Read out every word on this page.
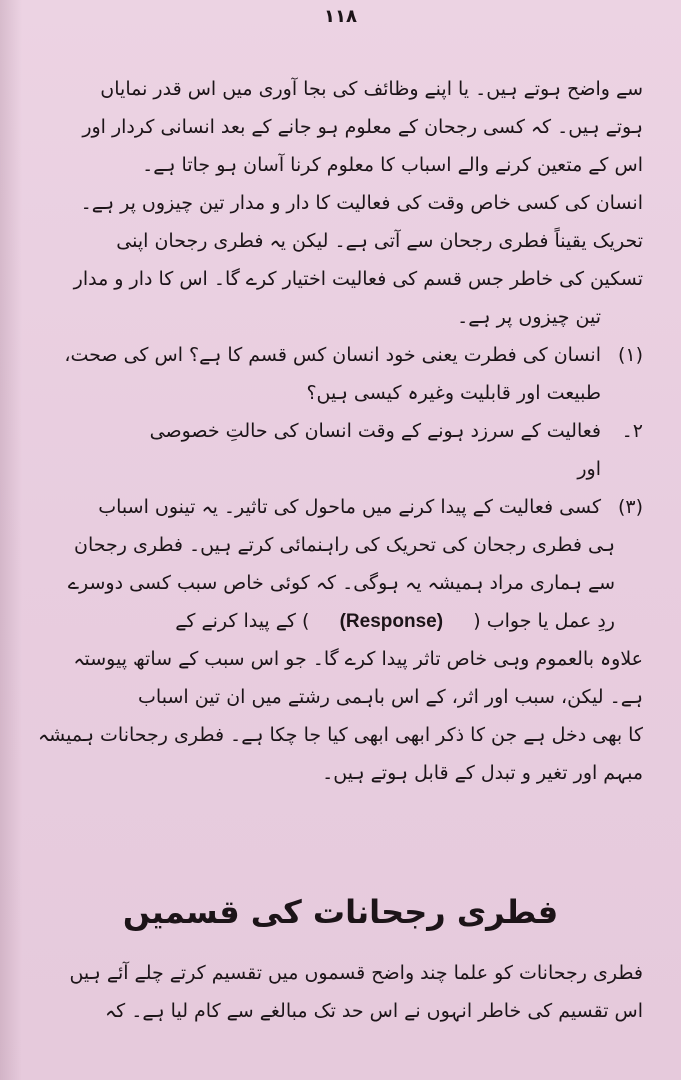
۱۱۸
سے واضح ہوتے ہیں۔ یا اپنے وظائف کی بجا آوری میں اس قدر نمایاں
ہوتے ہیں۔ کہ کسی رجحان کے معلوم ہو جانے کے بعد انسانی کردار اور
اس کے متعین کرنے والے اسباب کا معلوم کرنا آسان ہو جاتا ہے۔
انسان کی کسی خاص وقت کی فعالیت کا دار و مدار تین چیزوں پر ہے۔
تحریک یقیناً فطری رجحان سے آتی ہے۔ لیکن یہ فطری رجحان اپنی
تسکین کی خاطر جس قسم کی فعالیت اختیار کرے گا۔ اس کا دار و مدار
تین چیزوں پر ہے۔
(۱)
انسان کی فطرت یعنی خود انسان کس قسم کا ہے؟ اس کی صحت،
طبیعت اور قابلیت وغیرہ کیسی ہیں؟
۲۔
فعالیت کے سرزد ہونے کے وقت انسان کی حالتِ خصوصی
اور
(۳)
کسی فعالیت کے پیدا کرنے میں ماحول کی تاثیر۔ یہ تینوں اسباب
ہی فطری رجحان کی تحریک کی راہنمائی کرتے ہیں۔ فطری رجحان
سے ہماری مراد ہمیشہ یہ ہوگی۔ کہ کوئی خاص سبب کسی دوسرے
ردِ عمل یا جواب (     (Response)     ) کے پیدا کرنے کے
علاوہ بالعموم وہی خاص تاثر پیدا کرے گا۔ جو اس سبب کے ساتھ پیوستہ
ہے۔ لیکن، سبب اور اثر، کے اس باہمی رشتے میں ان تین اسباب
کا بھی دخل ہے جن کا ذکر ابھی ابھی کیا جا چکا ہے۔ فطری رجحانات ہمیشہ
مبہم اور تغیر و تبدل کے قابل ہوتے ہیں۔
فطری رجحانات کی قسمیں
فطری رجحانات کو علما چند واضح قسموں میں تقسیم کرتے چلے آئے ہیں
اس تقسیم کی خاطر انہوں نے اس حد تک مبالغے سے کام لیا ہے۔ کہ
